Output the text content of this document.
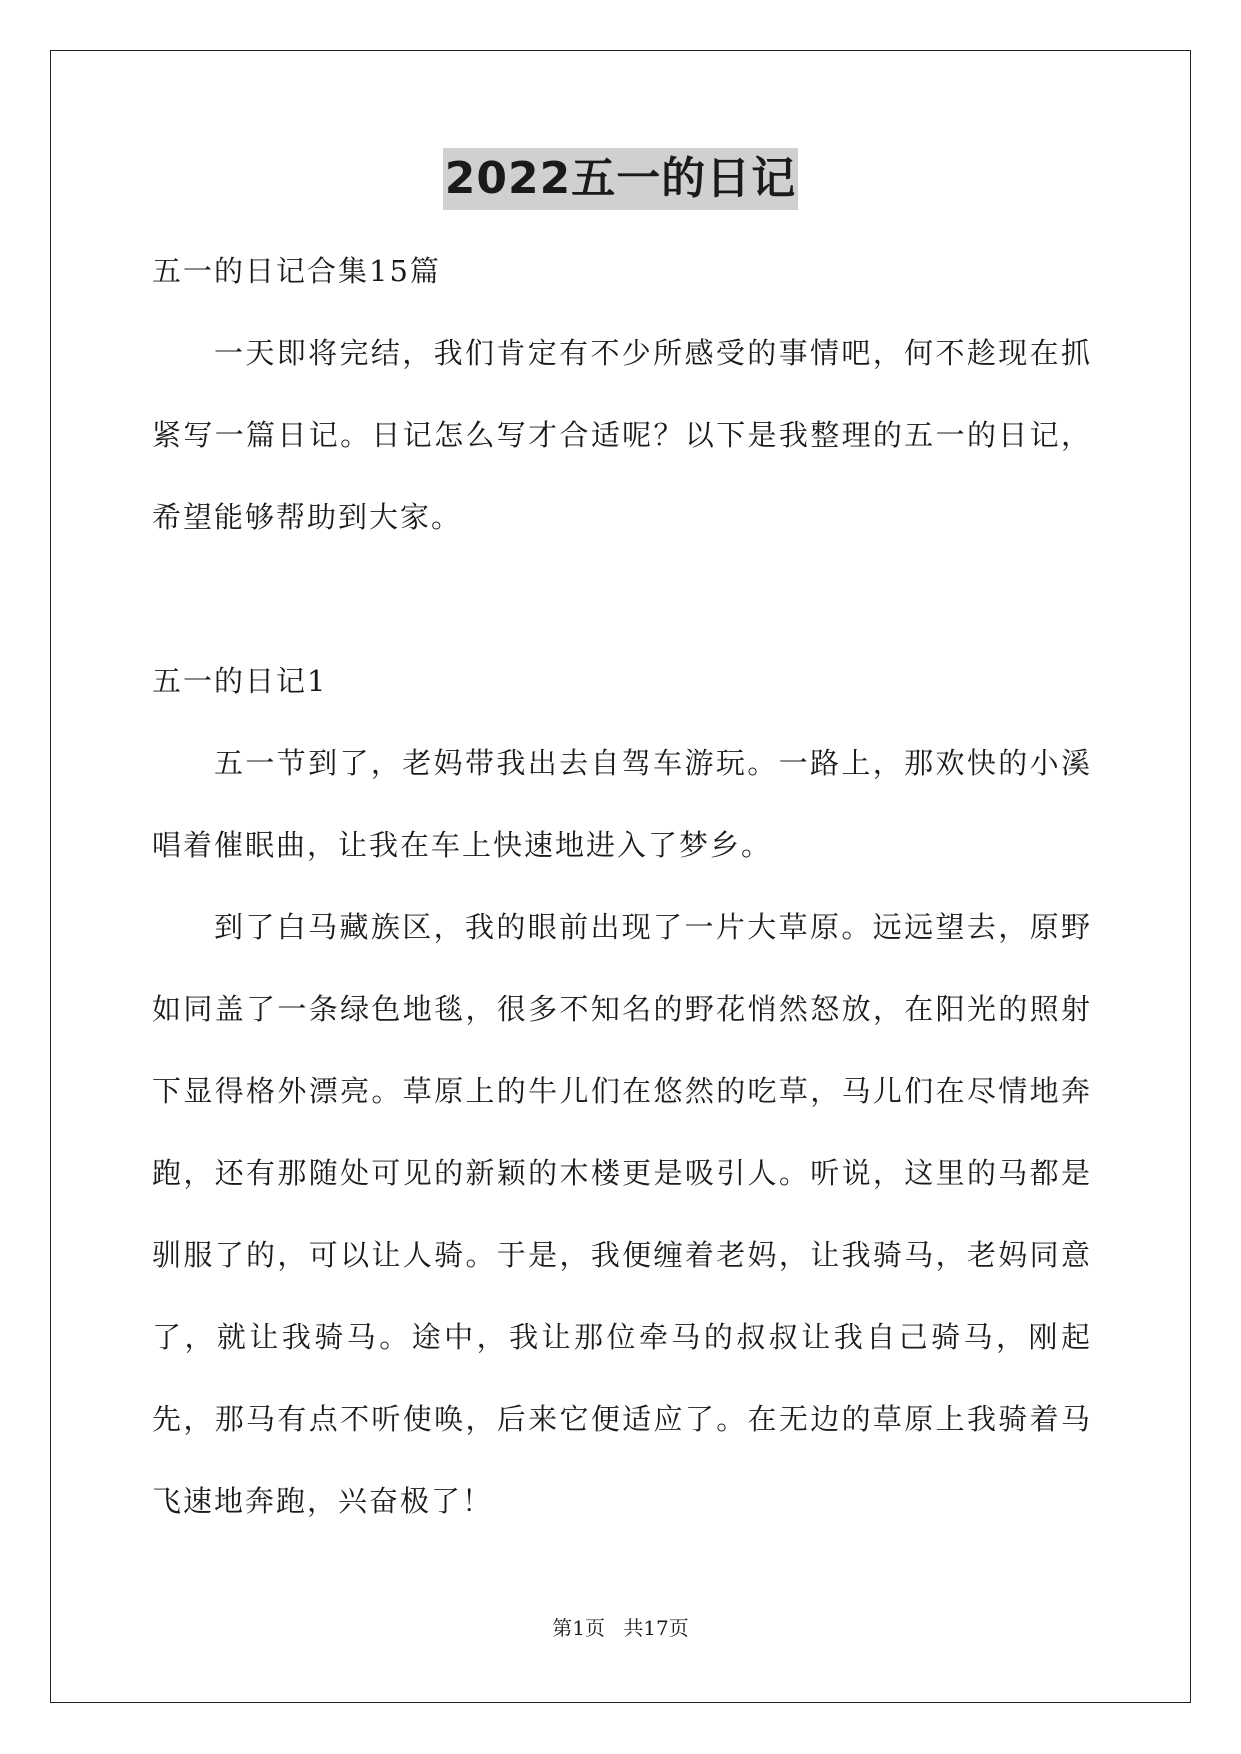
2022五一的日记

五一的日记合集15篇

一天即将完结，我们肯定有不少所感受的事情吧，何不趁现在抓紧写一篇日记。日记怎么写才合适呢？以下是我整理的五一的日记，希望能够帮助到大家。

五一的日记1

五一节到了，老妈带我出去自驾车游玩。一路上，那欢快的小溪唱着催眠曲，让我在车上快速地进入了梦乡。

到了白马藏族区，我的眼前出现了一片大草原。远远望去，原野如同盖了一条绿色地毯，很多不知名的野花悄然怒放，在阳光的照射下显得格外漂亮。草原上的牛儿们在悠然的吃草，马儿们在尽情地奔跑，还有那随处可见的新颖的木楼更是吸引人。听说，这里的马都是驯服了的，可以让人骑。于是，我便缠着老妈，让我骑马，老妈同意了，就让我骑马。途中，我让那位牵马的叔叔让我自己骑马，刚起先，那马有点不听使唤，后来它便适应了。在无边的草原上我骑着马飞速地奔跑，兴奋极了！

第1页 共17页
